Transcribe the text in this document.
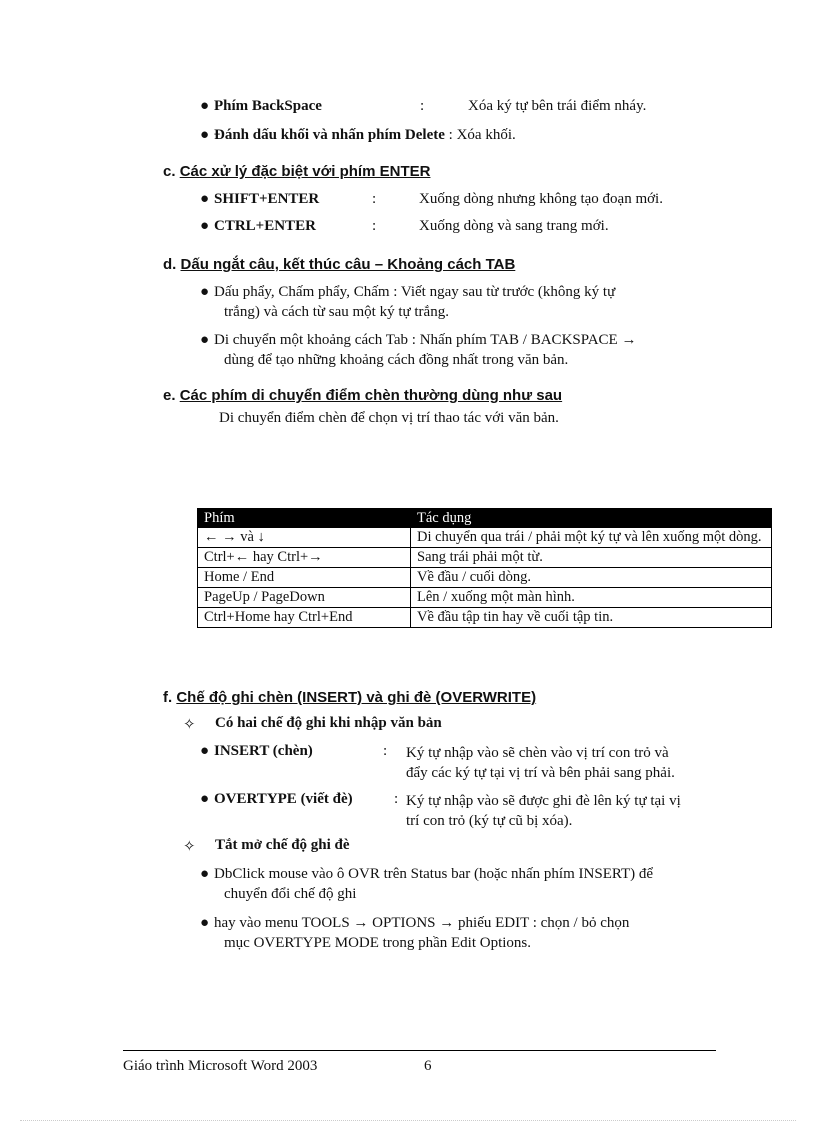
● Phím BackSpace	:	Xóa ký tự bên trái điểm nháy.
● Đánh dấu khối và nhấn phím Delete : Xóa khối.
c. Các xử lý đặc biệt với phím ENTER
● SHIFT+ENTER	:	Xuống dòng nhưng không tạo đoạn mới.
● CTRL+ENTER	:	Xuống dòng và sang trang mới.
d. Dấu ngắt câu, kết thúc câu – Khoảng cách TAB
● Dấu phẩy, Chấm phẩy, Chấm : Viết ngay sau từ trước (không ký tự
trắng) và cách từ sau một ký tự trắng.
● Di chuyển một khoảng cách Tab : Nhấn phím TAB / BACKSPACE →
dùng để tạo những khoảng cách đồng nhất trong văn bản.
e. Các phím di chuyển điểm chèn thường dùng như sau
Di chuyển điểm chèn để chọn vị trí thao tác với văn bản.
Phím	Tác dụng
← → và ↓	Di chuyển qua trái / phải một ký tự và lên xuống một dòng.
Ctrl+← hay Ctrl+→	Sang trái phải một từ.
Home / End	Về đầu / cuối dòng.
PageUp / PageDown	Lên / xuống một màn hình.
Ctrl+Home hay Ctrl+End	Về đầu tập tin hay về cuối tập tin.
f. Chế độ ghi chèn (INSERT) và ghi đè (OVERWRITE)
✧ Có hai chế độ ghi khi nhập văn bản
● INSERT (chèn)	: Ký tự nhập vào sẽ chèn vào vị trí con trỏ và
đẩy các ký tự tại vị trí và bên phải sang phải.
● OVERTYPE (viết đè)	: Ký tự nhập vào sẽ được ghi đè lên ký tự tại vị
trí con trỏ (ký tự cũ bị xóa).
✧ Tắt mở chế độ ghi đè
● DbClick mouse vào ô OVR trên Status bar (hoặc nhấn phím INSERT) để
chuyển đổi chế độ ghi
● hay vào menu TOOLS → OPTIONS → phiếu EDIT : chọn / bỏ chọn
mục OVERTYPE MODE trong phần Edit Options.
Giáo trình Microsoft Word 2003	6
